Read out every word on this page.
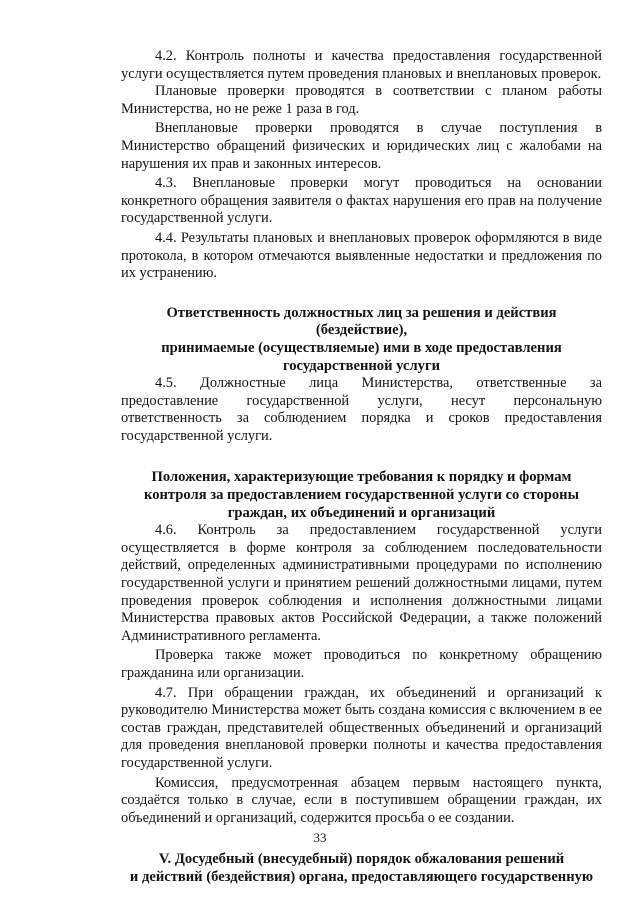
4.2. Контроль полноты и качества предоставления государственной услуги осуществляется путем проведения плановых и внеплановых проверок.

Плановые проверки проводятся в соответствии с планом работы Министерства, но не реже 1 раза в год.

Внеплановые проверки проводятся в случае поступления в Министерство обращений физических и юридических лиц с жалобами на нарушения их прав и законных интересов.

4.3. Внеплановые проверки могут проводиться на основании конкретного обращения заявителя о фактах нарушения его прав на получение государственной услуги.

4.4. Результаты плановых и внеплановых проверок оформляются в виде протокола, в котором отмечаются выявленные недостатки и предложения по их устранению.

Ответственность должностных лиц за решения и действия (бездействие),
принимаемые (осуществляемые) ими в ходе предоставления
государственной услуги

4.5. Должностные лица Министерства, ответственные за предоставление государственной услуги, несут персональную ответственность за соблюдением порядка и сроков предоставления государственной услуги.

Положения, характеризующие требования к порядку и формам
контроля за предоставлением государственной услуги со стороны
граждан, их объединений и организаций

4.6. Контроль за предоставлением государственной услуги осуществляется в форме контроля за соблюдением последовательности действий, определенных административными процедурами по исполнению государственной услуги и принятием решений должностными лицами, путем проведения проверок соблюдения и исполнения должностными лицами Министерства правовых актов Российской Федерации, а также положений Административного регламента.

Проверка также может проводиться по конкретному обращению гражданина или организации.

4.7. При обращении граждан, их объединений и организаций к руководителю Министерства может быть создана комиссия с включением в ее состав граждан, представителей общественных объединений и организаций для проведения внеплановой проверки полноты и качества предоставления государственной услуги.

Комиссия, предусмотренная абзацем первым настоящего пункта, создаётся только в случае, если в поступившем обращении граждан, их объединений и организаций, содержится просьба о ее создании.

V. Досудебный (внесудебный) порядок обжалования решений
и действий (бездействия) органа, предоставляющего государственную
33
